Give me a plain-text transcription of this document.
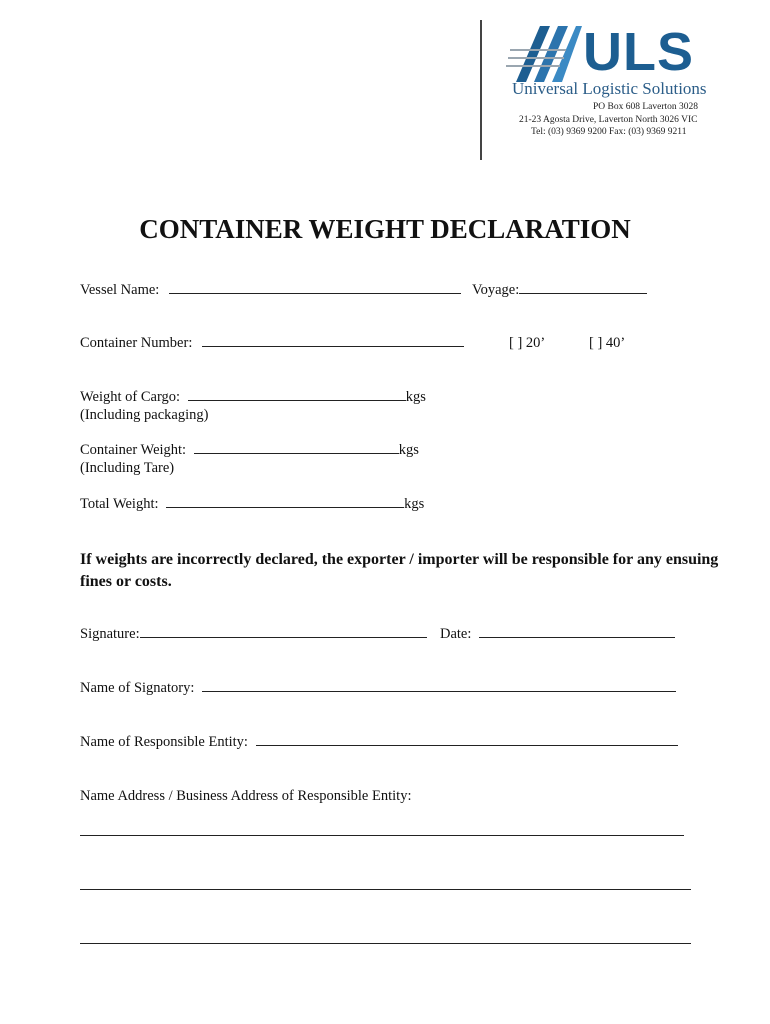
ULS
Universal Logistic Solutions
PO Box 608 Laverton 3028
21-23 Agosta Drive, Laverton North 3026 VIC
Tel: (03) 9369 9200 Fax: (03) 9369 9211
CONTAINER WEIGHT DECLARATION
Vessel Name:	Voyage:
Container Number:	[ ] 20’	[ ] 40’
Weight of Cargo:	kgs
(Including packaging)
Container Weight:	kgs
(Including Tare)
Total Weight:	kgs
If weights are incorrectly declared, the exporter / importer will be responsible for any ensuing fines or costs.
Signature:	Date:
Name of Signatory:
Name of Responsible Entity:
Name Address / Business Address of Responsible Entity:
